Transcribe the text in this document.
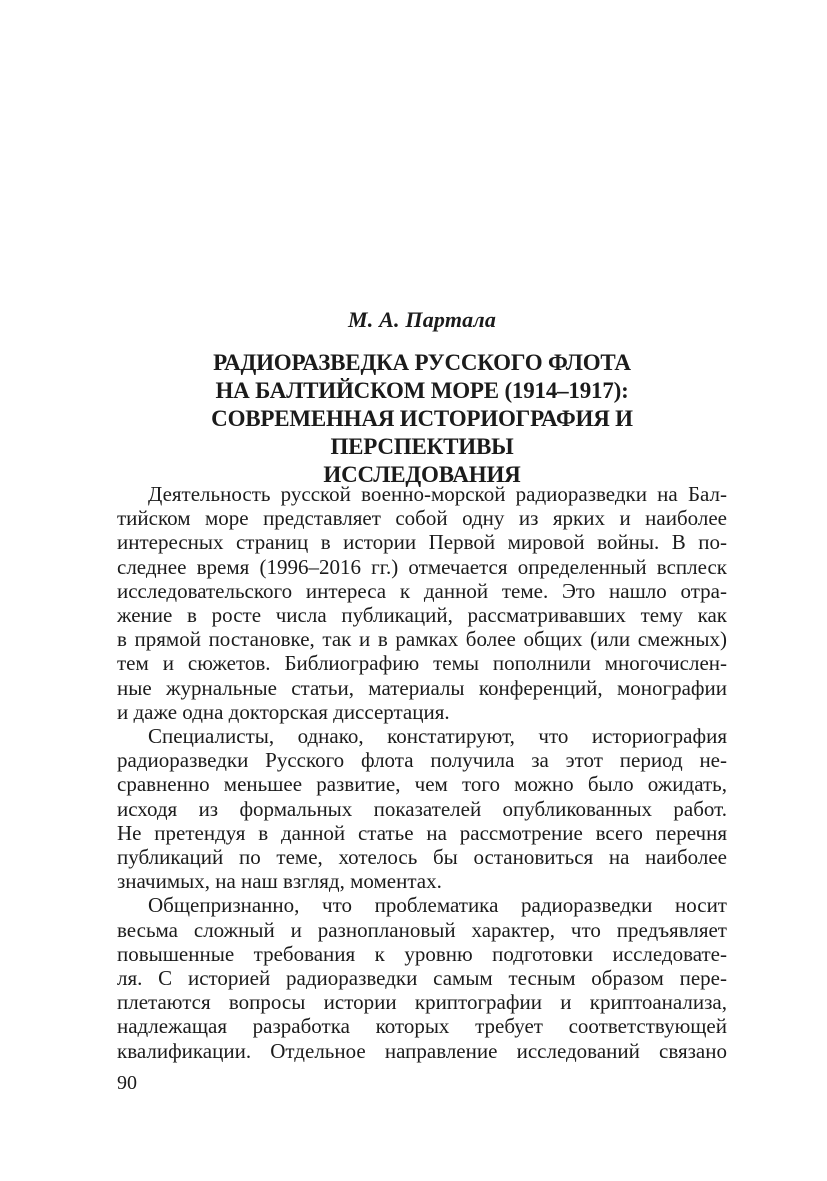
М. А. Партала
РАДИОРАЗВЕДКА РУССКОГО ФЛОТА
НА БАЛТИЙСКОМ МОРЕ (1914–1917):
СОВРЕМЕННАЯ ИСТОРИОГРАФИЯ И ПЕРСПЕКТИВЫ
ИССЛЕДОВАНИЯ
Деятельность русской военно-морской радиоразведки на Бал-
тийском море представляет собой одну из ярких и наиболее
интересных страниц в истории Первой мировой войны. В по-
следнее время (1996–2016 гг.) отмечается определенный всплеск
исследовательского интереса к данной теме. Это нашло отра-
жение в росте числа публикаций, рассматривавших тему как
в прямой постановке, так и в рамках более общих (или смежных)
тем и сюжетов. Библиографию темы пополнили многочислен-
ные журнальные статьи, материалы конференций, монографии
и даже одна докторская диссертация.
Специалисты, однако, констатируют, что историография
радиоразведки Русского флота получила за этот период не-
сравненно меньшее развитие, чем того можно было ожидать,
исходя из формальных показателей опубликованных работ.
Не претендуя в данной статье на рассмотрение всего перечня
публикаций по теме, хотелось бы остановиться на наиболее
значимых, на наш взгляд, моментах.
Общепризнанно, что проблематика радиоразведки носит
весьма сложный и разноплановый характер, что предъявляет
повышенные требования к уровню подготовки исследовате-
ля. С историей радиоразведки самым тесным образом пере-
плетаются вопросы истории криптографии и криптоанализа,
надлежащая разработка которых требует соответствующей
квалификации. Отдельное направление исследований связано
90
